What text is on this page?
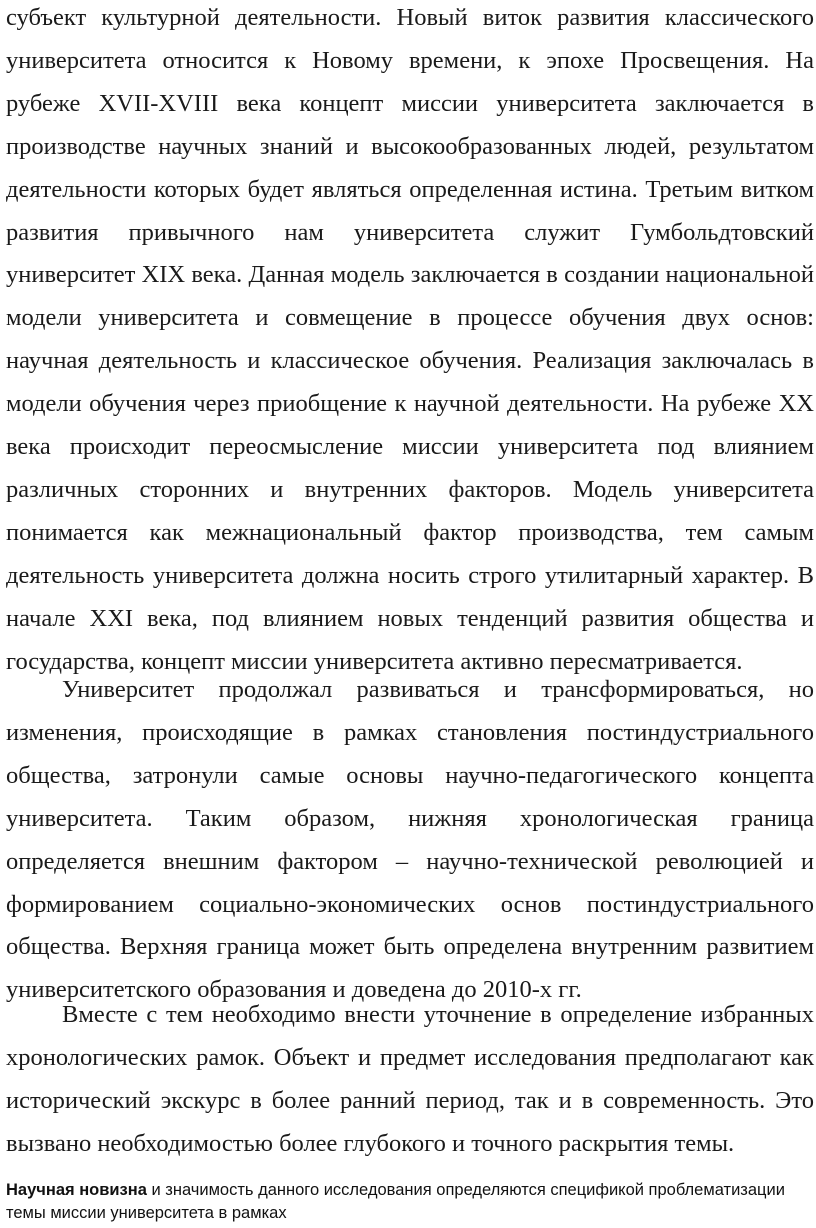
субъект культурной деятельности. Новый виток развития классического университета относится к Новому времени, к эпохе Просвещения. На рубеже XVII-XVIII века концепт миссии университета заключается в производстве научных знаний и высокообразованных людей, результатом деятельности которых будет являться определенная истина. Третьим витком развития привычного нам университета служит Гумбольдтовский университет XIX века. Данная модель заключается в создании национальной модели университета и совмещение в процессе обучения двух основ: научная деятельность и классическое обучения. Реализация заключалась в модели обучения через приобщение к научной деятельности. На рубеже XX века происходит переосмысление миссии университета под влиянием различных сторонних и внутренних факторов. Модель университета понимается как межнациональный фактор производства, тем самым деятельность университета должна носить строго утилитарный характер. В начале XXI века, под влиянием новых тенденций развития общества и государства, концепт миссии университета активно пересматривается.

Университет продолжал развиваться и трансформироваться, но изменения, происходящие в рамках становления постиндустриального общества, затронули самые основы научно-педагогического концепта университета. Таким образом, нижняя хронологическая граница определяется внешним фактором – научно-технической революцией и формированием социально-экономических основ постиндустриального общества. Верхняя граница может быть определена внутренним развитием университетского образования и доведена до 2010-х гг.

Вместе с тем необходимо внести уточнение в определение избранных хронологических рамок. Объект и предмет исследования предполагают как исторический экскурс в более ранний период, так и в современность. Это вызвано необходимостью более глубокого и точного раскрытия темы.

Научная новизна и значимость данного исследования определяются спецификой проблематизации темы миссии университета в рамках
